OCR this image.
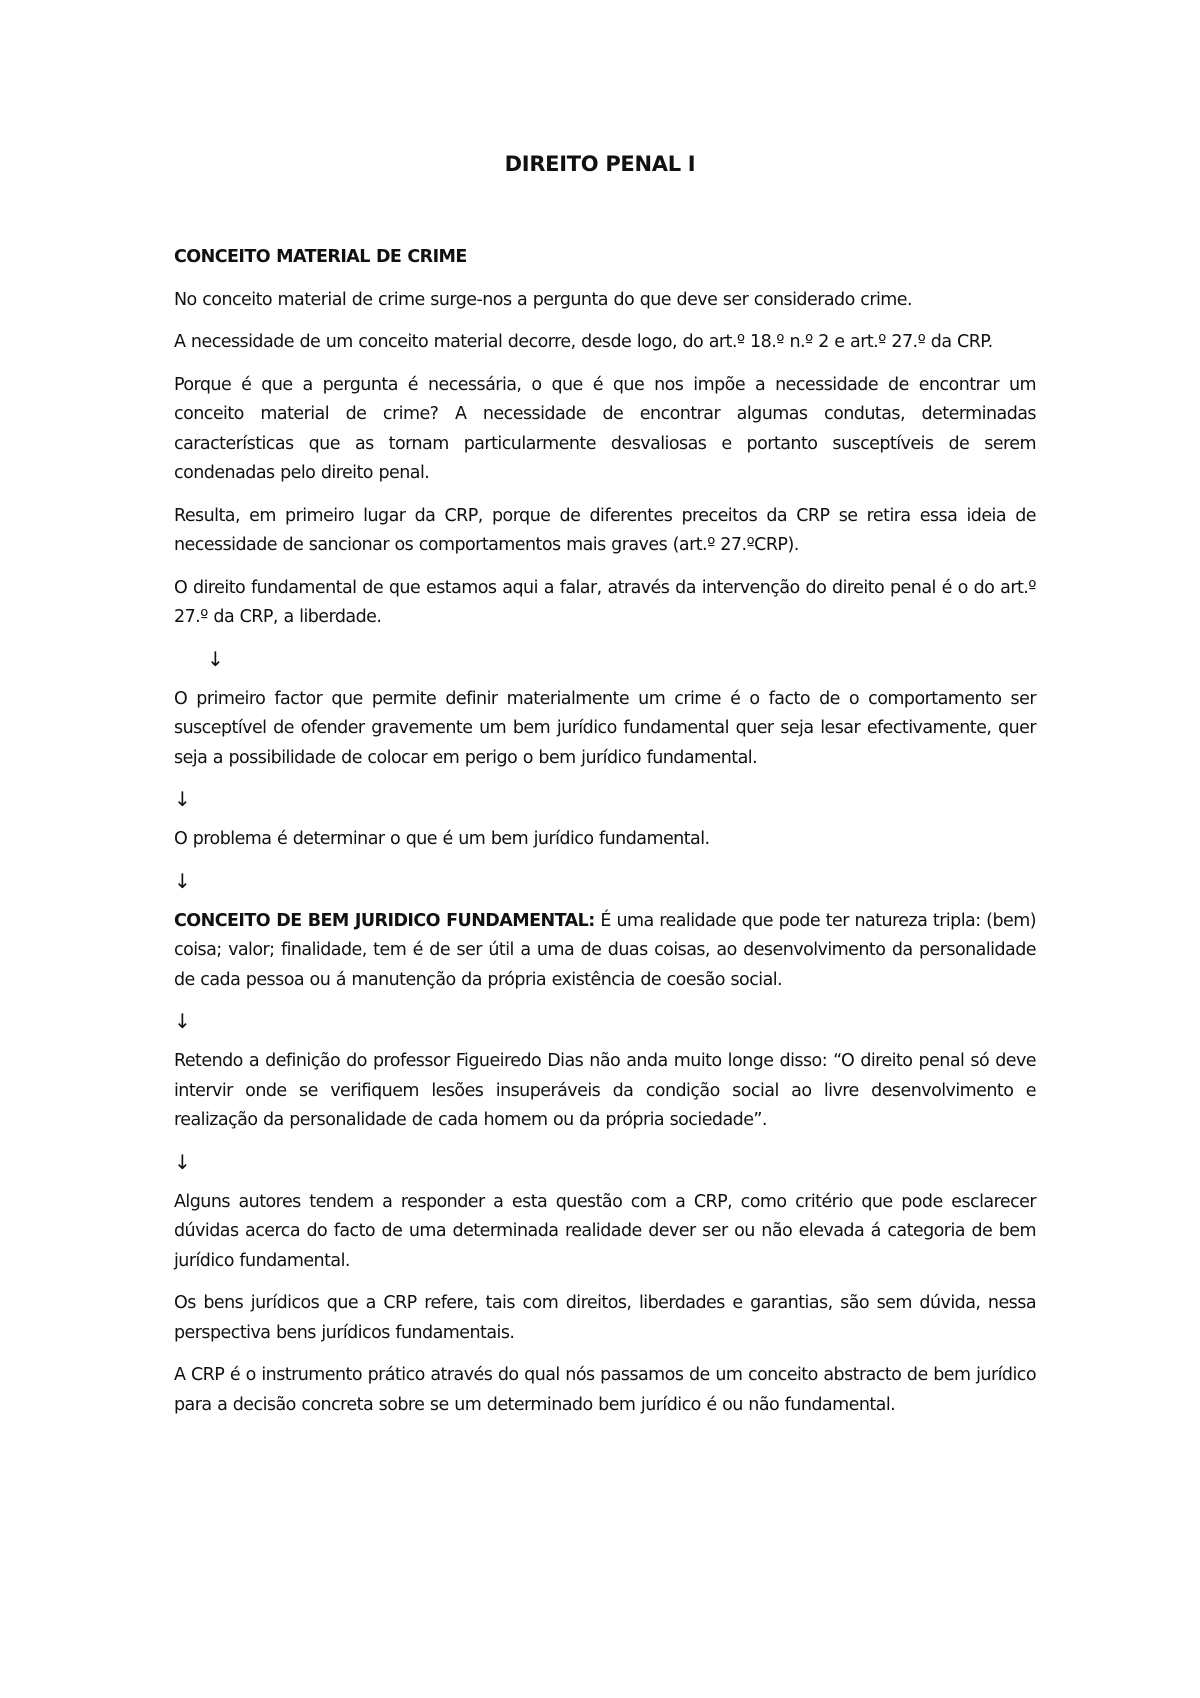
DIREITO PENAL I

CONCEITO MATERIAL DE CRIME

No conceito material de crime surge-nos a pergunta do que deve ser considerado crime.

A necessidade de um conceito material decorre, desde logo, do art.º 18.º n.º 2 e art.º 27.º da CRP.

Porque é que a pergunta é necessária, o que é que nos impõe a necessidade de encontrar um conceito material de crime? A necessidade de encontrar algumas condutas, determinadas características que as tornam particularmente desvaliosas e portanto susceptíveis de serem condenadas pelo direito penal.

Resulta, em primeiro lugar da CRP, porque de diferentes preceitos da CRP se retira essa ideia de necessidade de sancionar os comportamentos mais graves (art.º 27.ºCRP).

O direito fundamental de que estamos aqui a falar, através da intervenção do direito penal é o do art.º 27.º da CRP, a liberdade.

↓

O primeiro factor que permite definir materialmente um crime é o facto de o comportamento ser susceptível de ofender gravemente um bem jurídico fundamental quer seja lesar efectivamente, quer seja a possibilidade de colocar em perigo o bem jurídico fundamental.

↓

O problema é determinar o que é um bem jurídico fundamental.

↓

CONCEITO DE BEM JURIDICO FUNDAMENTAL: É uma realidade que pode ter natureza tripla: (bem) coisa; valor; finalidade, tem é de ser útil a uma de duas coisas, ao desenvolvimento da personalidade de cada pessoa ou á manutenção da própria existência de coesão social.

↓

Retendo a definição do professor Figueiredo Dias não anda muito longe disso: “O direito penal só deve intervir onde se verifiquem lesões insuperáveis da condição social ao livre desenvolvimento e realização da personalidade de cada homem ou da própria sociedade”.

↓

Alguns autores tendem a responder a esta questão com a CRP, como critério que pode esclarecer dúvidas acerca do facto de uma determinada realidade dever ser ou não elevada á categoria de bem jurídico fundamental.

Os bens jurídicos que a CRP refere, tais com direitos, liberdades e garantias, são sem dúvida, nessa perspectiva bens jurídicos fundamentais.

A CRP é o instrumento prático através do qual nós passamos de um conceito abstracto de bem jurídico para a decisão concreta sobre se um determinado bem jurídico é ou não fundamental.
